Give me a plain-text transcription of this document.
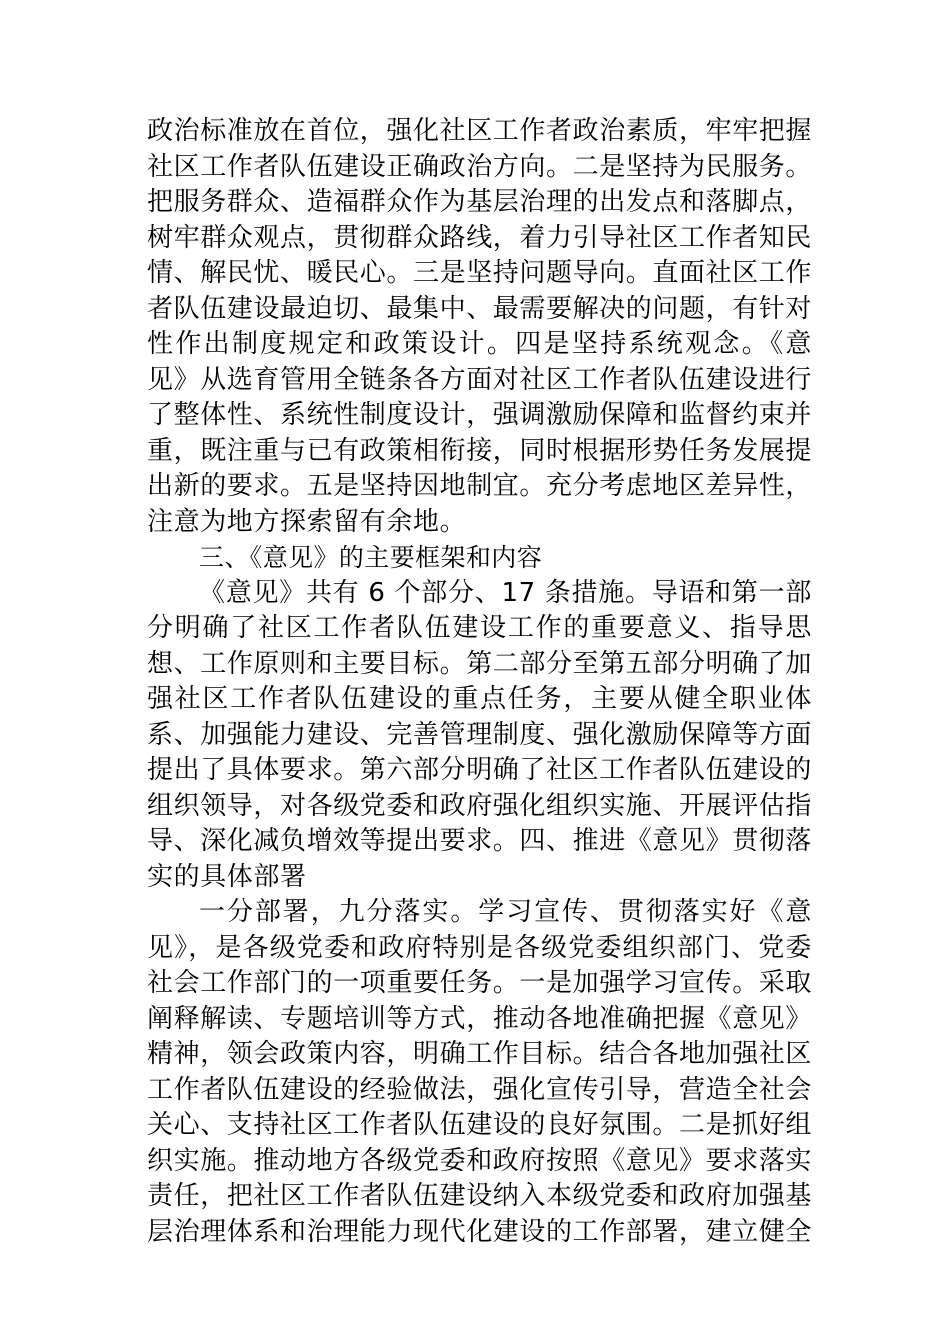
政治标准放在首位，强化社区工作者政治素质，牢牢把握社区工作者队伍建设正确政治方向。二是坚持为民服务。把服务群众、造福群众作为基层治理的出发点和落脚点，树牢群众观点，贯彻群众路线，着力引导社区工作者知民情、解民忧、暖民心。三是坚持问题导向。直面社区工作者队伍建设最迫切、最集中、最需要解决的问题，有针对性作出制度规定和政策设计。四是坚持系统观念。《意见》从选育管用全链条各方面对社区工作者队伍建设进行了整体性、系统性制度设计，强调激励保障和监督约束并重，既注重与已有政策相衔接，同时根据形势任务发展提出新的要求。五是坚持因地制宜。充分考虑地区差异性，注意为地方探索留有余地。

三、《意见》的主要框架和内容

《意见》共有 6 个部分、17 条措施。导语和第一部分明确了社区工作者队伍建设工作的重要意义、指导思想、工作原则和主要目标。第二部分至第五部分明确了加强社区工作者队伍建设的重点任务，主要从健全职业体系、加强能力建设、完善管理制度、强化激励保障等方面提出了具体要求。第六部分明确了社区工作者队伍建设的组织领导，对各级党委和政府强化组织实施、开展评估指导、深化减负增效等提出要求。四、推进《意见》贯彻落实的具体部署

一分部署，九分落实。学习宣传、贯彻落实好《意见》，是各级党委和政府特别是各级党委组织部门、党委社会工作部门的一项重要任务。一是加强学习宣传。采取阐释解读、专题培训等方式，推动各地准确把握《意见》精神，领会政策内容，明确工作目标。结合各地加强社区工作者队伍建设的经验做法，强化宣传引导，营造全社会关心、支持社区工作者队伍建设的良好氛围。二是抓好组织实施。推动地方各级党委和政府按照《意见》要求落实责任，把社区工作者队伍建设纳入本级党委和政府加强基层治理体系和治理能力现代化建设的工作部署，建立健全
